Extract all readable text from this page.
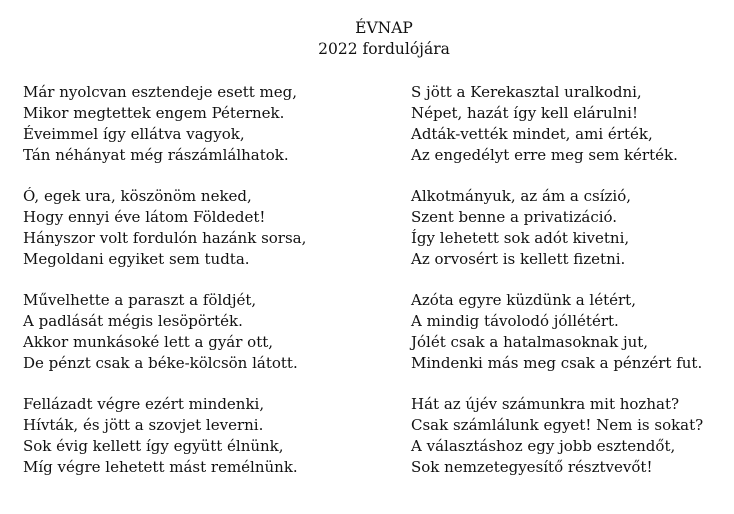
ÉVNAP
2022 fordulójára
Már nyolcvan esztendeje esett meg,
Mikor megtettek engem Péternek.
Éveimmel így ellátva vagyok,
Tán néhányat még rászámlálhatok.
Ó, egek ura, köszönöm neked,
Hogy ennyi éve látom Földedet!
Hányszor volt fordulón hazánk sorsa,
Megoldani egyiket sem tudta.
Művelhette a paraszt a földjét,
A padlását mégis lesöpörték.
Akkor munkásoké lett a gyár ott,
De pénzt csak a béke-kölcsön látott.
Fellázadt végre ezért mindenki,
Hívták, és jött a szovjet leverni.
Sok évig kellett így együtt élnünk,
Míg végre lehetett mást remélnünk.
S jött a Kerekasztal uralkodni,
Népet, hazát így kell elárulni!
Adták-vették mindet, ami érték,
Az engedélyt erre meg sem kérték.
Alkotmányuk, az ám a csízió,
Szent benne a privatizáció.
Így lehetett sok adót kivetni,
Az orvosért is kellett fizetni.
Azóta egyre küzdünk a létért,
A mindig távolodó jóllétért.
Jólét csak a hatalmasoknak jut,
Mindenki más meg csak a pénzért fut.
Hát az újév számunkra mit hozhat?
Csak számlálunk egyet! Nem is sokat?
A választáshoz egy jobb esztendőt,
Sok nemzetegyesítő résztvevőt!
